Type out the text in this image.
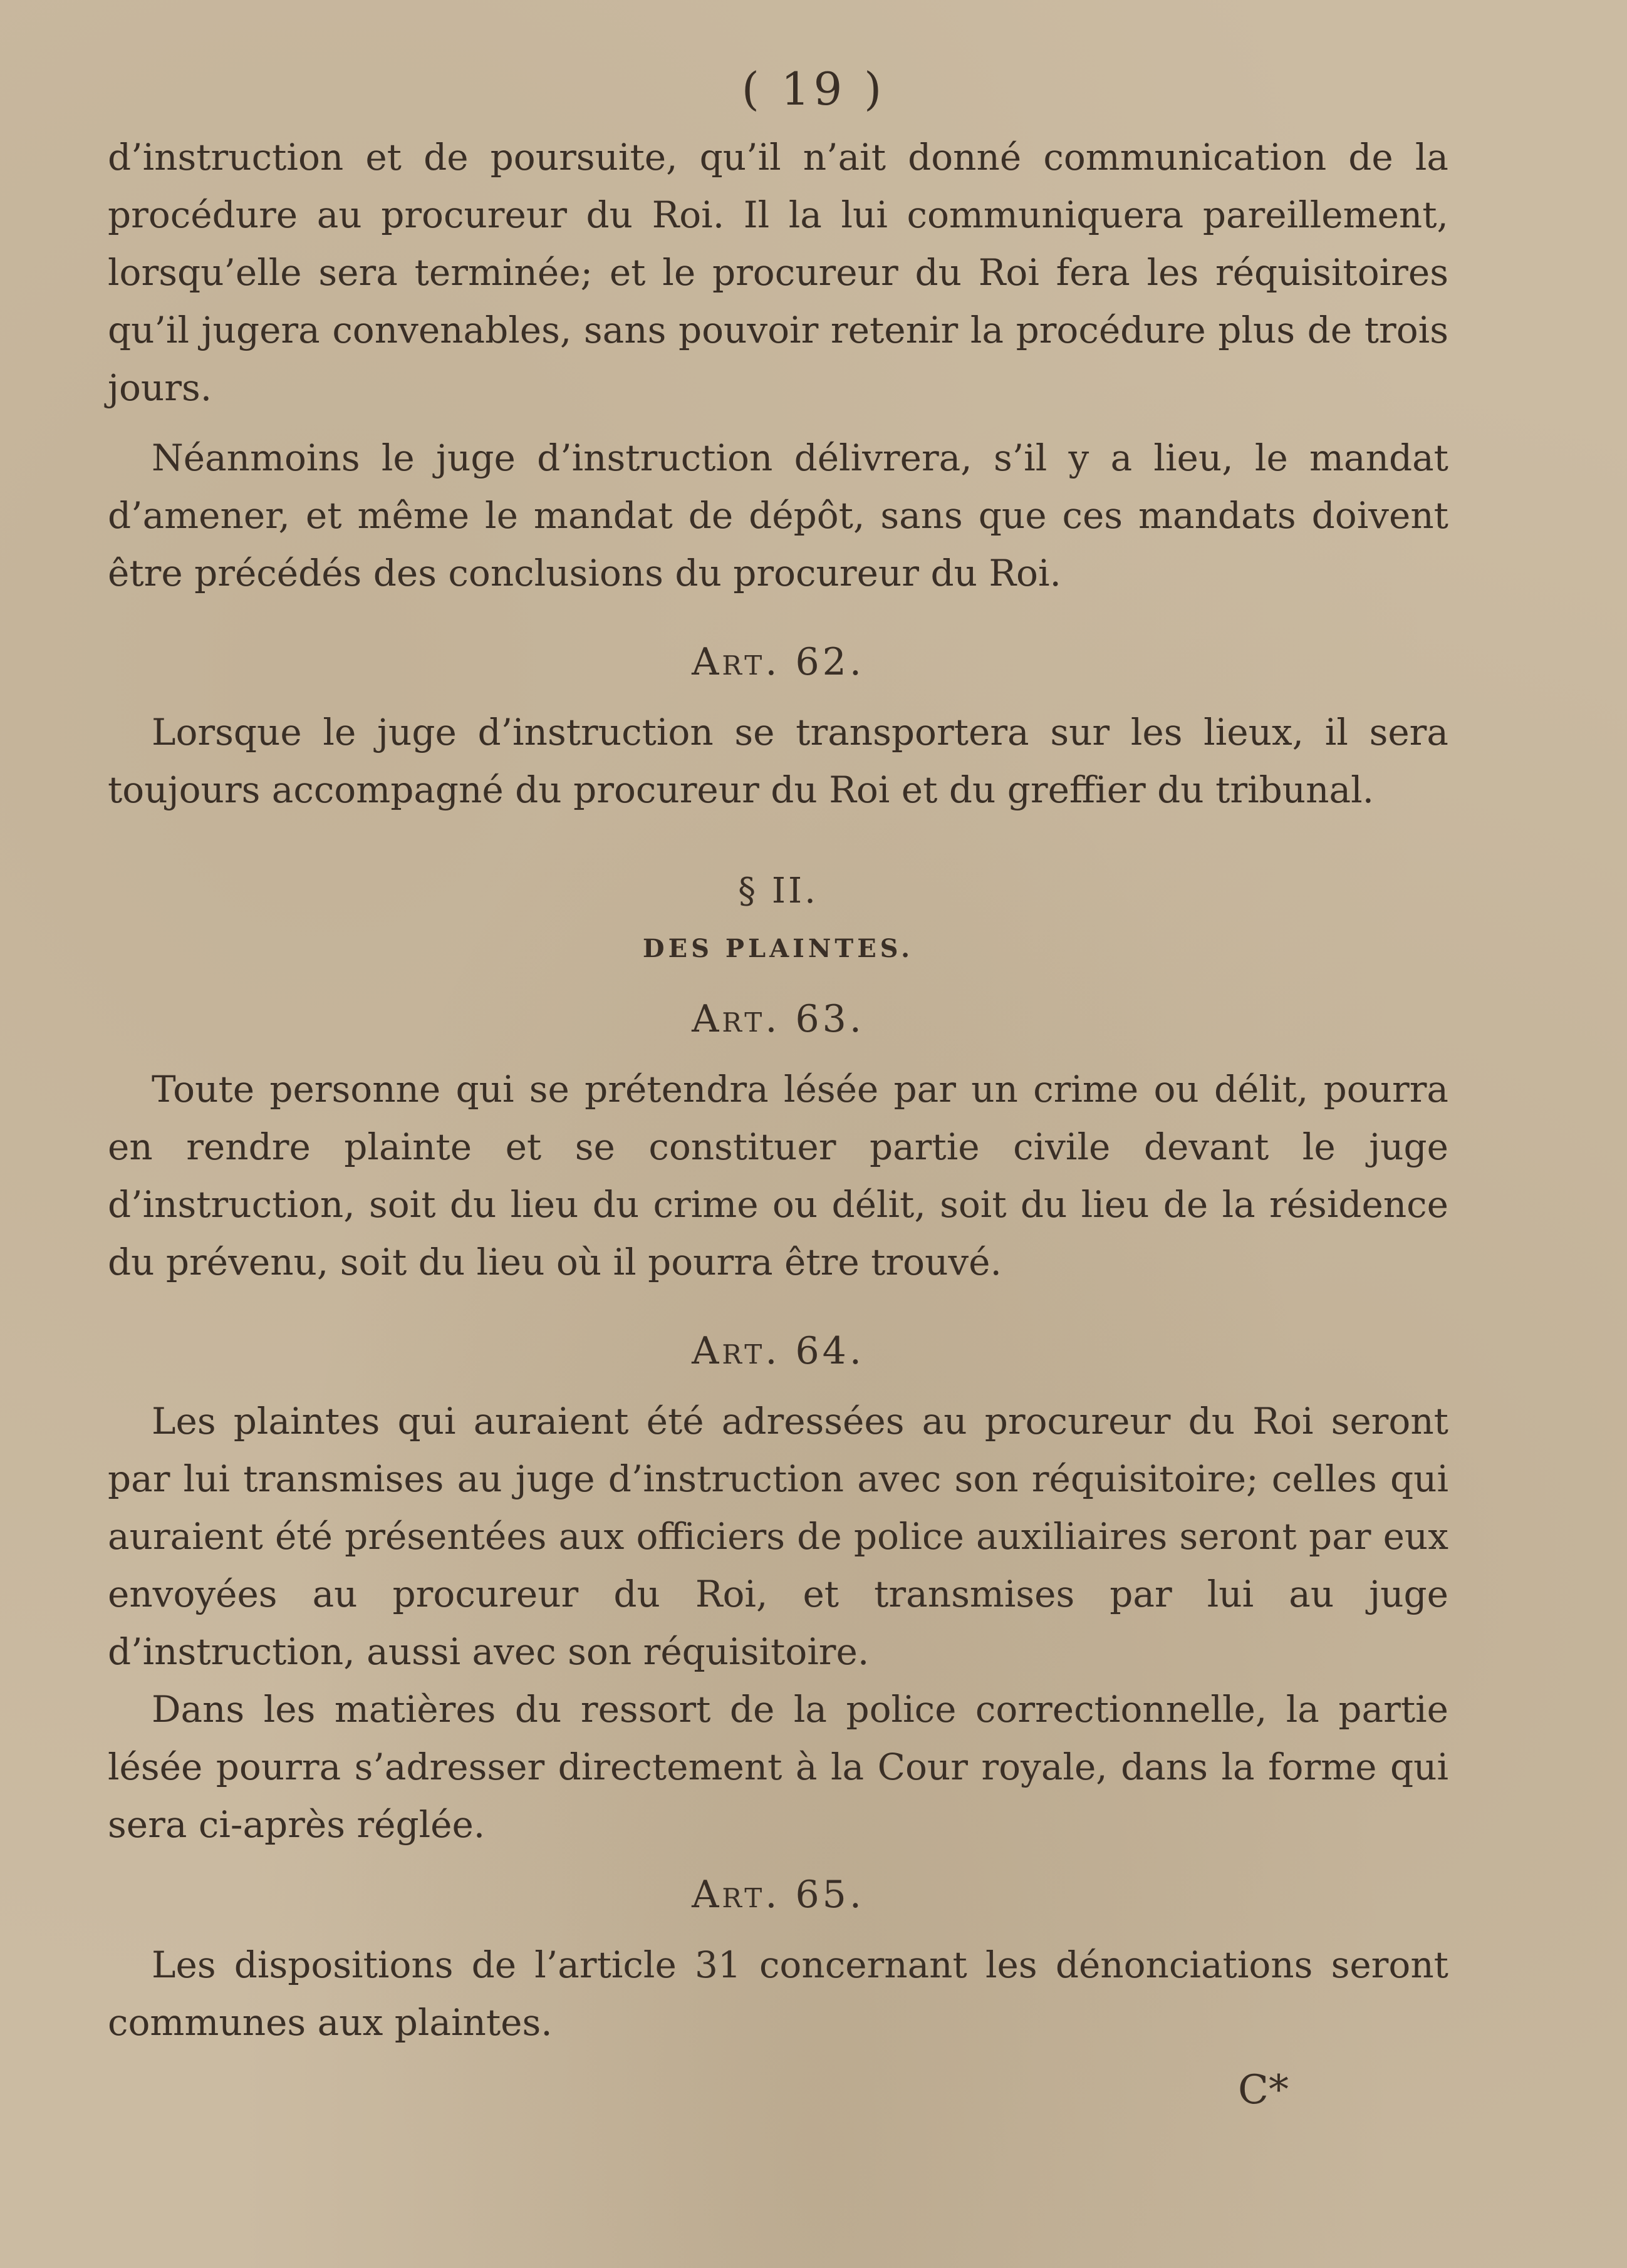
( 19 )

d’instruction et de poursuite, qu’il n’ait donné communication de la procédure au procureur du Roi. Il la lui communiquera pareillement, lorsqu’elle sera terminée; et le procureur du Roi fera les réquisitoires qu’il jugera convenables, sans pouvoir retenir la procédure plus de trois jours.

Néanmoins le juge d’instruction délivrera, s’il y a lieu, le mandat d’amener, et même le mandat de dépôt, sans que ces mandats doivent être précédés des conclusions du procureur du Roi.

Art. 62.

Lorsque le juge d’instruction se transportera sur les lieux, il sera toujours accompagné du procureur du Roi et du greffier du tribunal.

§ II.
DES PLAINTES.
Art. 63.

Toute personne qui se prétendra lésée par un crime ou délit, pourra en rendre plainte et se constituer partie civile devant le juge d’instruction, soit du lieu du crime ou délit, soit du lieu de la résidence du prévenu, soit du lieu où il pourra être trouvé.

Art. 64.

Les plaintes qui auraient été adressées au procureur du Roi seront par lui transmises au juge d’instruction avec son réquisitoire; celles qui auraient été présentées aux officiers de police auxiliaires seront par eux envoyées au procureur du Roi, et transmises par lui au juge d’instruction, aussi avec son réquisitoire.

Dans les matières du ressort de la police correctionnelle, la partie lésée pourra s’adresser directement à la Cour royale, dans la forme qui sera ci-après réglée.

Art. 65.

Les dispositions de l’article 31 concernant les dénonciations seront communes aux plaintes.

C*
